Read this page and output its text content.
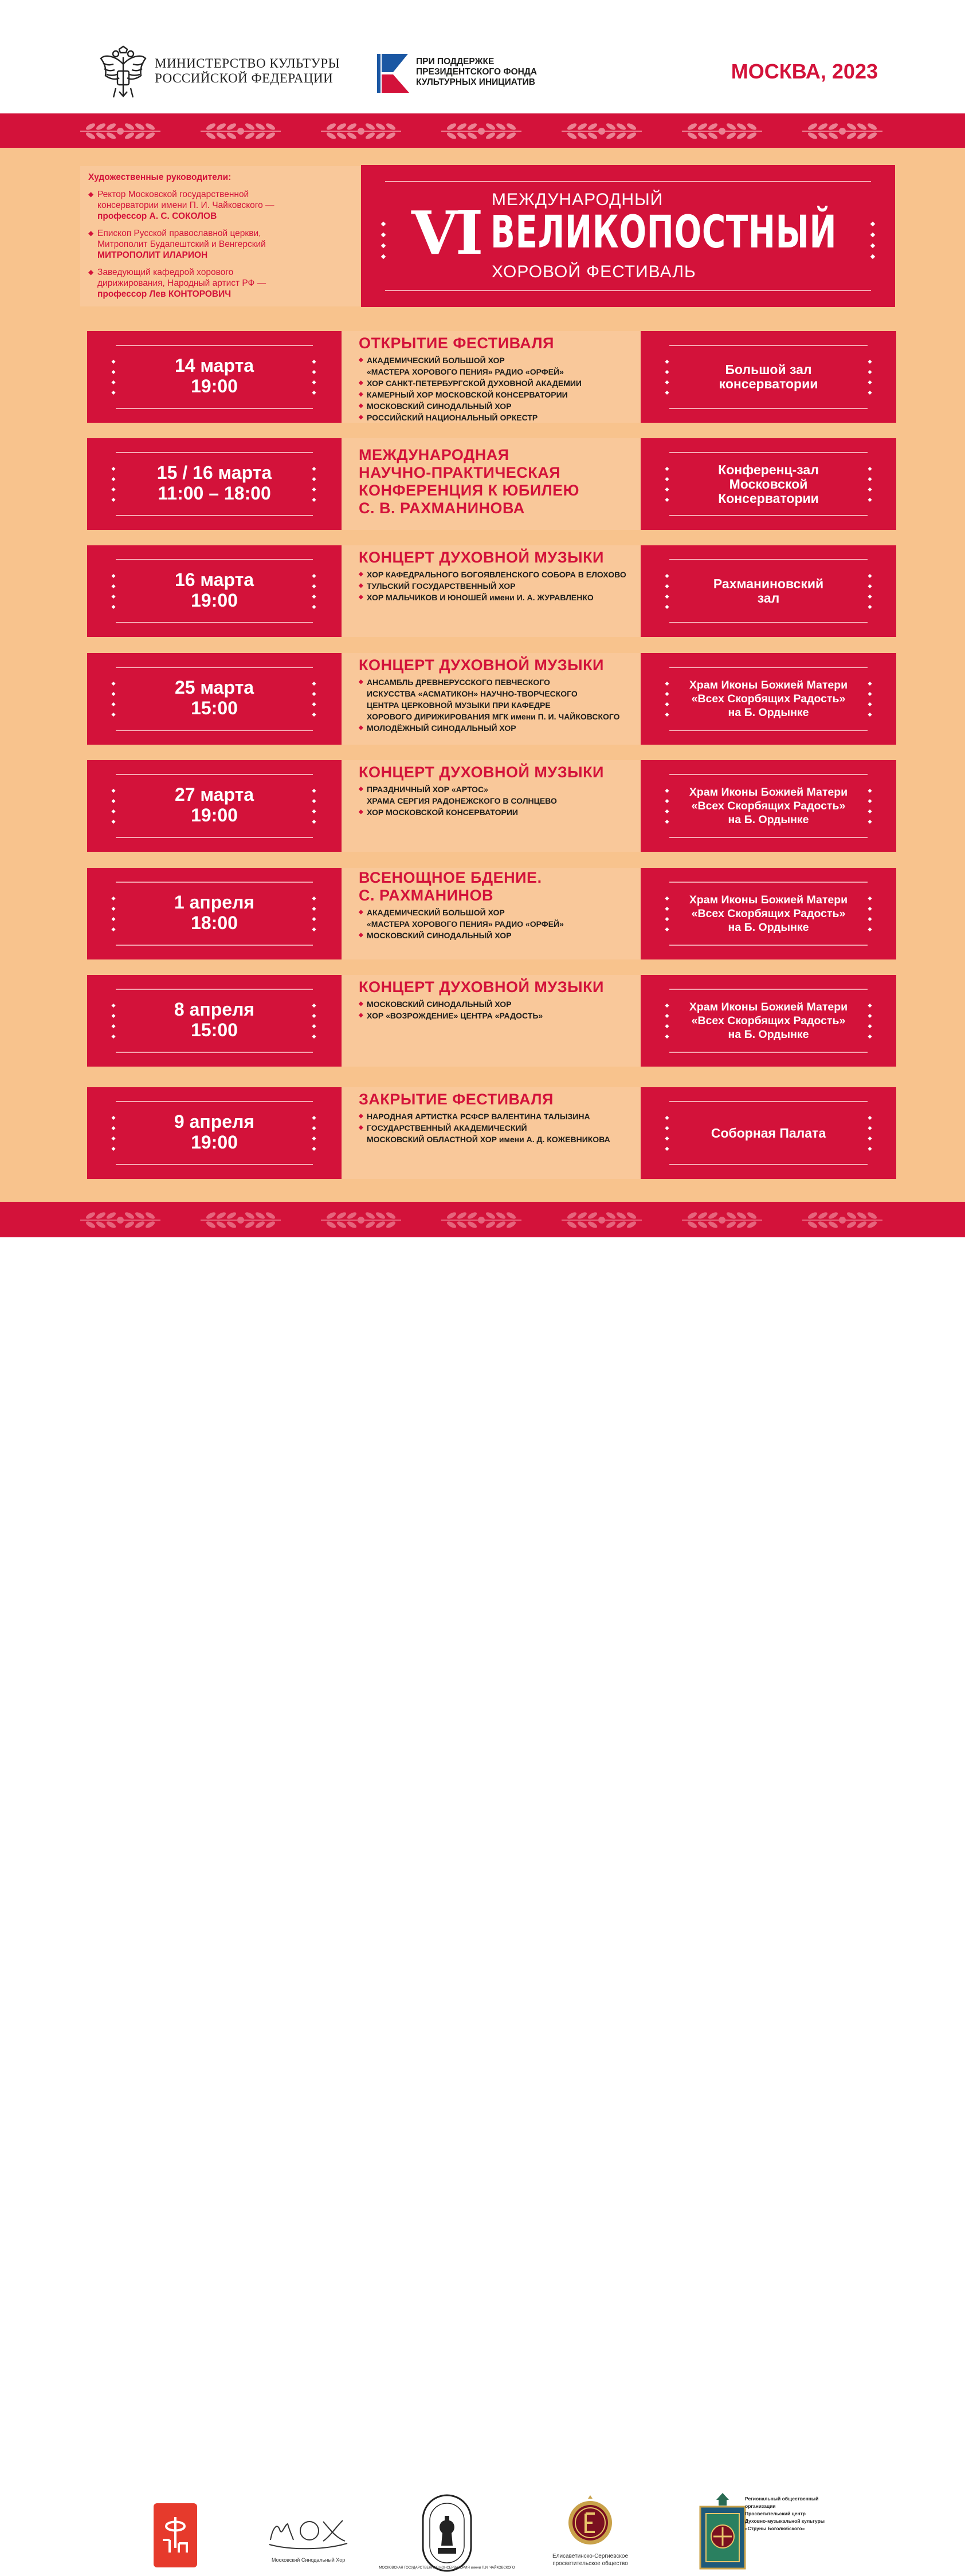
МИНИСТЕРСТВО КУЛЬТУРЫ
РОССИЙСКОЙ ФЕДЕРАЦИИ
ПРИ ПОДДЕРЖКЕ
ПРЕЗИДЕНТСКОГО ФОНДА
КУЛЬТУРНЫХ ИНИЦИАТИВ	МОСКВА, 2023
Художественные руководители:
◆ Ректор Московской государственной
консерватории имени П. И. Чайковского —
профессор А. С. СОКОЛОВ
◆ Епископ Русской православной церкви,
Митрополит Будапештский и Венгерский
МИТРОПОЛИТ ИЛАРИОН
◆ Заведующий кафедрой хорового
дирижирования, Народный артист РФ —
профессор Лев КОНТОРОВИЧ
МЕЖДУНАРОДНЫЙ
VI ВЕЛИКОПОСТНЫЙ
ХОРОВОЙ ФЕСТИВАЛЬ
14 марта
19:00
ОТКРЫТИЕ ФЕСТИВАЛЯ
◆ АКАДЕМИЧЕСКИЙ БОЛЬШОЙ ХОР
«МАСТЕРА ХОРОВОГО ПЕНИЯ» РАДИО «ОРФЕЙ»
◆ ХОР САНКТ-ПЕТЕРБУРГСКОЙ ДУХОВНОЙ АКАДЕМИИ
◆ КАМЕРНЫЙ ХОР МОСКОВСКОЙ КОНСЕРВАТОРИИ
◆ МОСКОВСКИЙ СИНОДАЛЬНЫЙ ХОР
◆ РОССИЙСКИЙ НАЦИОНАЛЬНЫЙ ОРКЕСТР
Большой зал
консерватории
15 / 16 марта
11:00 – 18:00
МЕЖДУНАРОДНАЯ
НАУЧНО-ПРАКТИЧЕСКАЯ
КОНФЕРЕНЦИЯ К ЮБИЛЕЮ
С. В. РАХМАНИНОВА
Конференц-зал
Московской
Консерватории
16 марта
19:00
КОНЦЕРТ ДУХОВНОЙ МУЗЫКИ
◆ ХОР КАФЕДРАЛЬНОГО БОГОЯВЛЕНСКОГО СОБОРА В ЕЛОХОВО
◆ ТУЛЬСКИЙ ГОСУДАРСТВЕННЫЙ ХОР
◆ ХОР МАЛЬЧИКОВ И ЮНОШЕЙ имени И. А. ЖУРАВЛЕНКО
Рахманиновский
зал
25 марта
15:00
КОНЦЕРТ ДУХОВНОЙ МУЗЫКИ
◆ АНСАМБЛЬ ДРЕВНЕРУССКОГО ПЕВЧЕСКОГО
ИСКУССТВА «АСМАТИКОН» НАУЧНО-ТВОРЧЕСКОГО
ЦЕНТРА ЦЕРКОВНОЙ МУЗЫКИ ПРИ КАФЕДРЕ
ХОРОВОГО ДИРИЖИРОВАНИЯ МГК имени П. И. ЧАЙКОВСКОГО
◆ МОЛОДЁЖНЫЙ СИНОДАЛЬНЫЙ ХОР
Храм Иконы Божией Матери
«Всех Скорбящих Радость»
на Б. Ордынке
27 марта
19:00
КОНЦЕРТ ДУХОВНОЙ МУЗЫКИ
◆ ПРАЗДНИЧНЫЙ ХОР «АРТОС»
ХРАМА СЕРГИЯ РАДОНЕЖСКОГО В СОЛНЦЕВО
◆ ХОР МОСКОВСКОЙ КОНСЕРВАТОРИИ
Храм Иконы Божией Матери
«Всех Скорбящих Радость»
на Б. Ордынке
1 апреля
18:00
ВСЕНОЩНОЕ БДЕНИЕ.
С. РАХМАНИНОВ
◆ АКАДЕМИЧЕСКИЙ БОЛЬШОЙ ХОР
«МАСТЕРА ХОРОВОГО ПЕНИЯ» РАДИО «ОРФЕЙ»
◆ МОСКОВСКИЙ СИНОДАЛЬНЫЙ ХОР
Храм Иконы Божией Матери
«Всех Скорбящих Радость»
на Б. Ордынке
8 апреля
15:00
КОНЦЕРТ ДУХОВНОЙ МУЗЫКИ
◆ МОСКОВСКИЙ СИНОДАЛЬНЫЙ ХОР
◆ ХОР «ВОЗРОЖДЕНИЕ» ЦЕНТРА «РАДОСТЬ»
Храм Иконы Божией Матери
«Всех Скорбящих Радость»
на Б. Ордынке
9 апреля
19:00
ЗАКРЫТИЕ ФЕСТИВАЛЯ
◆ НАРОДНАЯ АРТИСТКА РСФСР ВАЛЕНТИНА ТАЛЫЗИНА
◆ ГОСУДАРСТВЕННЫЙ АКАДЕМИЧЕСКИЙ
МОСКОВСКИЙ ОБЛАСТНОЙ ХОР имени А. Д. КОЖЕВНИКОВА	Соборная Палата
Московский Синодальный Хор
МОСКОВСКАЯ ГОСУДАРСТВЕННАЯ КОНСЕРВАТОРИЯ имени П.И. ЧАЙКОВСКОГО
Елисаветинско-Сергиевское
просветительское общество
Региональный общественный организации
Просветительский центр
Духовно-музыкальной культуры
«Струны Боголюбского»
